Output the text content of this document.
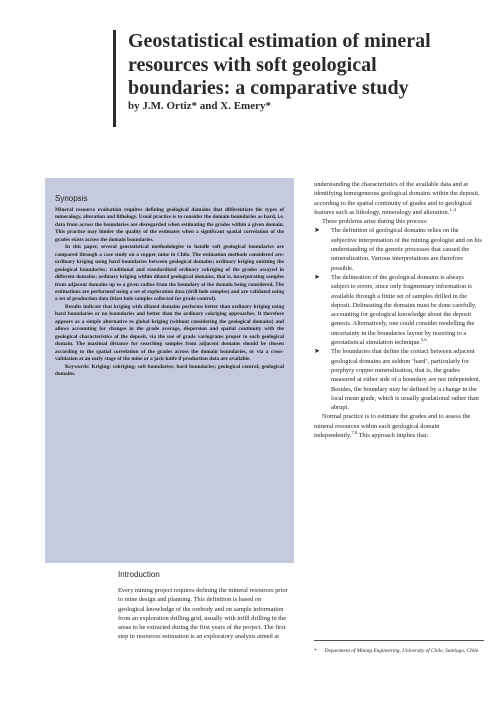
Geostatistical estimation of mineral resources with soft geological boundaries: a comparative study
by J.M. Ortiz* and X. Emery*
Synopsis

Mineral resource evaluation requires defining geological domains that differentiate the types of mineralogy, alteration and lithology. Usual practice is to consider the domain boundaries as hard, i.e. data from across the boundaries are disregarded when estimating the grades within a given domain. This practice may hinder the quality of the estimates when a significant spatial correlation of the grades exists across the domain boundaries.

In this paper, several geostatistical methodologies to handle soft geological boundaries are compared through a case study on a copper mine in Chile. The estimation methods considered are: ordinary kriging using hard boundaries between geological domains; ordinary kriging omitting the geological boundaries; traditional and standardized ordinary cokriging of the grades assayed in different domains; ordinary kriging within dilated geological domains, that is, incorporating samples from adjacent domains up to a given radius from the boundary of the domain being considered. The estimations are performed using a set of exploration data (drill hole samples) and are validated using a set of production data (blast hole samples collected for grade control).

Results indicate that kriging with dilated domains performs better than ordinary kriging using hard boundaries or no boundaries and better than the ordinary cokriging approaches. It therefore appears as a simple alternative to global kriging (without considering the geological domains) and allows accounting for changes in the grade average, dispersion and spatial continuity with the geological characteristics of the deposit, via the use of grade variograms proper to each geological domain. The maximal distance for searching samples from adjacent domains should be chosen according to the spatial correlation of the grades across the domain boundaries, or via a cross-validation at an early stage of the mine or a jack-knife if production data are available.

Keywords: Kriging; cokriging; soft boundaries; hard boundaries; geological control; geological domains.

Introduction

Every mining project requires defining the mineral resources prior to mine design and planning. This definition is based on geological knowledge of the orebody and on sample information from an exploration drilling grid, usually with infill drilling in the areas to be extracted during the first years of the project. The first step in resources estimation is an exploratory analysis aimed at

understanding the characteristics of the available data and at identifying homogeneous geological domains within the deposit, according to the spatial continuity of grades and to geological features such as lithology, mineralogy and alteration.$^{1-4}$

Three problems arise during this process:

➤	The definition of geological domains relies on the subjective interpretation of the mining geologist and on his understanding of the genetic processes that caused the mineralization. Various interpretations are therefore possible.
➤	The delineation of the geological domains is always subject to errors, since only fragmentary information is available through a finite set of samples drilled in the deposit. Delineating the domains must be done carefully, accounting for geological knowledge about the deposit genesis. Alternatively, one could consider modelling the uncertainty in the boundaries layout by resorting to a geostatistical simulation technique.$^{5,6}$
➤	The boundaries that define the contact between adjacent geological domains are seldom ‘hard’, particularly for porphyry copper mineralization, that is, the grades measured at either side of a boundary are not independent. Besides, the boundary may be defined by a change in the local mean grade, which is usually gradational rather than abrupt.

Normal practice is to estimate the grades and to assess the mineral resources within each geological domain independently.$^{7,8}$ This approach implies that:

* Department of Mining Engineering, University of Chile, Santiago, Chile.
